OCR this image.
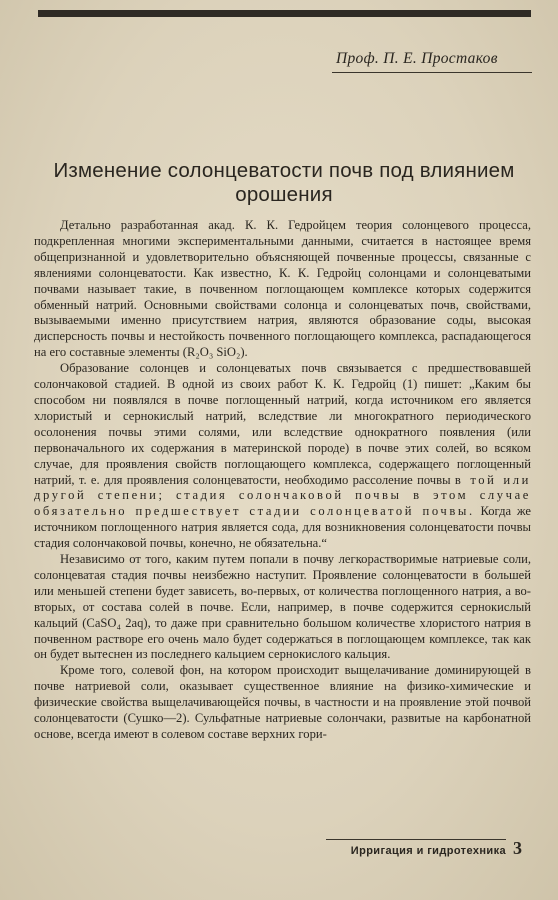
Проф. П. Е. Простаков
Изменение солонцеватости почв под влиянием
орошения

Детально разработанная акад. К. К. Гедройцем теория солонцевого процесса, подкрепленная многими экспериментальными данными, считается в настоящее время общепризнанной и удовлетворительно объясняющей почвенные процессы, связанные с явлениями солонцеватости. Как известно, К. К. Гедройц солонцами и солонцеватыми почвами называет такие, в почвенном поглощающем комплексе которых содержится обменный натрий. Основными свойствами солонца и солонцеватых почв, свойствами, вызываемыми именно присутствием натрия, являются образование соды, высокая дисперсность почвы и нестойкость почвенного поглощающего комплекса, распадающегося на его составные элементы (R₂O₃ SiO₂).

Образование солонцев и солонцеватых почв связывается с предшествовавшей солончаковой стадией. В одной из своих работ К. К. Гедройц (1) пишет: „Каким бы способом ни появлялся в почве поглощенный натрий, когда источником его является хлористый и сернокислый натрий, вследствие ли многократного периодического осолонения почвы этими солями, или вследствие однократного появления (или первоначального их содержания в материнской породе) в почве этих солей, во всяком случае, для проявления свойств поглощающего комплекса, содержащего поглощенный натрий, т. е. для проявления солонцеватости, необходимо рассоление почвы в той или другой степени; стадия солончаковой почвы в этом случае обязательно предшествует стадии солонцеватой почвы. Когда же источником поглощенного натрия является сода, для возникновения солонцеватости почвы стадия солончаковой почвы, конечно, не обязательна.“

Независимо от того, каким путем попали в почву легкорастворимые натриевые соли, солонцеватая стадия почвы неизбежно наступит. Проявление солонцеватости в большей или меньшей степени будет зависеть, во-первых, от количества поглощенного натрия, а во-вторых, от состава солей в почве. Если, например, в почве содержится сернокислый кальций (CaSO₄ 2aq), то даже при сравнительно большом количестве хлористого натрия в почвенном растворе его очень мало будет содержаться в поглощающем комплексе, так как он будет вытеснен из последнего кальцием сернокислого кальция.

Кроме того, солевой фон, на котором происходит выщелачивание доминирующей в почве натриевой соли, оказывает существенное влияние на физико-химические и физические свойства выщелачивающейся почвы, в частности и на проявление этой почвой солонцеватости (Сушко—2). Сульфатные натриевые солончаки, развитые на карбонатной основе, всегда имеют в солевом составе верхних гори-

Ирригация и гидротехника 3
